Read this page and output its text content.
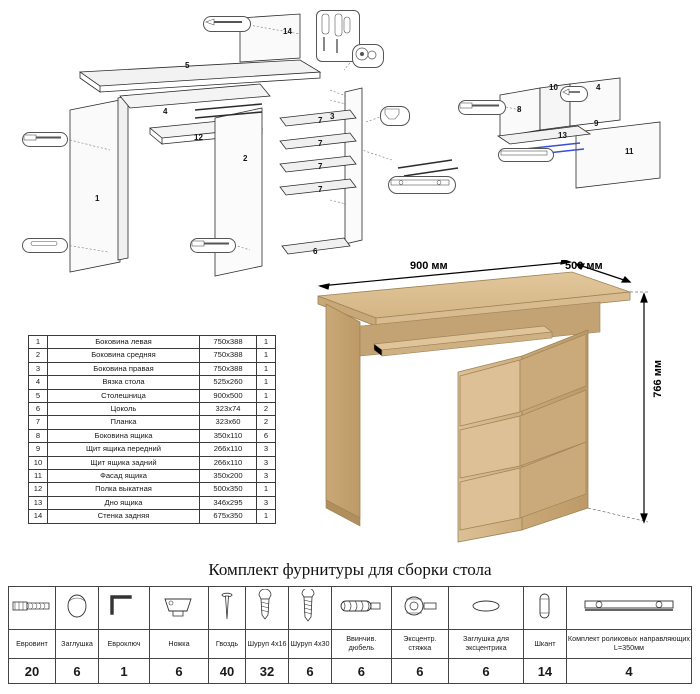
1
2
3
4
5
6
7
7
7
7
8
9
10
11
12	13
14
4
1	Боковина левая	750x388	1
2	Боковина средняя	750x388	1
3	Боковина правая	750x388	1
4	Вязка стола	525x260	1
5	Столешница	900x500	1
6	Цоколь	323x74	2
7	Планка	323x60	2
8	Боковина ящика	350x110	6
9	Щит ящика передний	266x110	3
10	Щит ящика задний	266x110	3
11	Фасад ящика	350x200	3
12	Полка выкатная	500x350	1
13	Дно ящика	346x295	3
14	Стенка задняя	675x350	1
900 мм	500 мм
766 мм
Комплект фурнитуры для сборки стола

Евровинт	Заглушка	Евроключ	Ножка	Гвоздь	Шуруп 4x16	Шуруп 4x30	Ввинчив. дюбель	Эксцентр. стяжка	Заглушка для эксцентрика	Шкант	Комплект роликовых направляющих L=350мм
20	6	1	6	40	32	6	6	6	6	14	4
